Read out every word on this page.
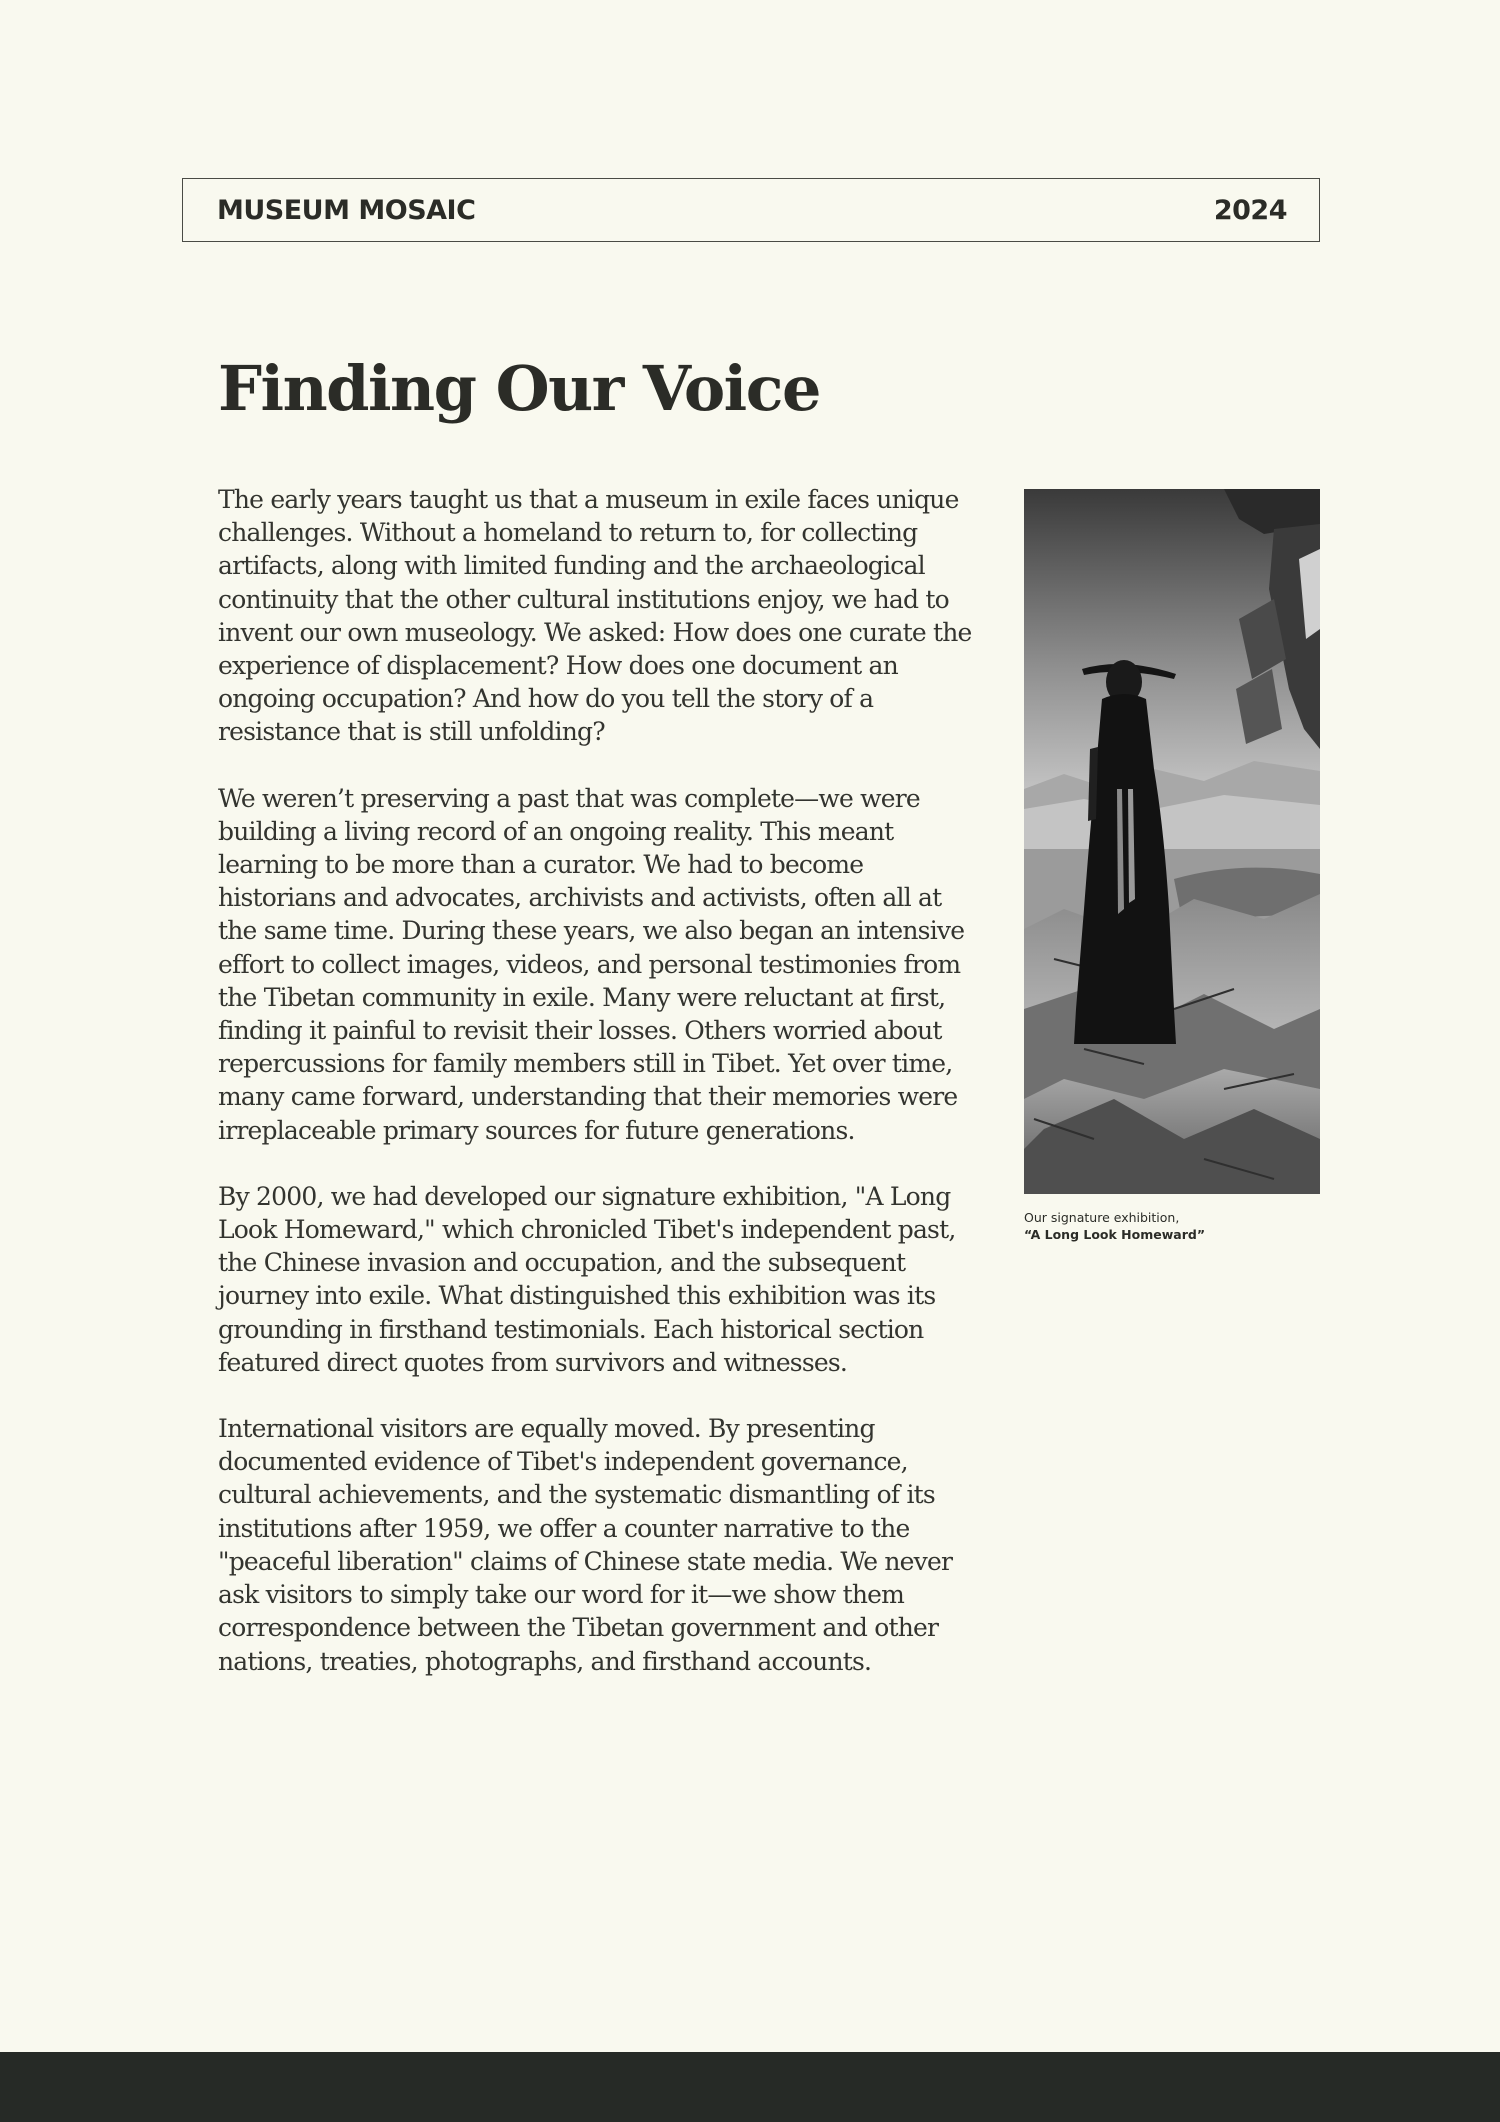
MUSEUM MOSAIC	2024
Finding Our Voice

The early years taught us that a museum in exile faces unique challenges. Without a homeland to return to, for collecting artifacts, along with limited funding and the archaeological continuity that the other cultural institutions enjoy, we had to invent our own museology. We asked: How does one curate the experience of displacement? How does one document an ongoing occupation? And how do you tell the story of a resistance that is still unfolding?

We weren’t preserving a past that was complete—we were building a living record of an ongoing reality. This meant learning to be more than a curator. We had to become historians and advocates, archivists and activists, often all at the same time. During these years, we also began an intensive effort to collect images, videos, and personal testimonies from the Tibetan community in exile. Many were reluctant at first, finding it painful to revisit their losses. Others worried about repercussions for family members still in Tibet. Yet over time, many came forward, understanding that their memories were irreplaceable primary sources for future generations.

By 2000, we had developed our signature exhibition, "A Long Look Homeward," which chronicled Tibet's independent past, the Chinese invasion and occupation, and the subsequent journey into exile. What distinguished this exhibition was its grounding in firsthand testimonials. Each historical section featured direct quotes from survivors and witnesses.

International visitors are equally moved. By presenting documented evidence of Tibet's independent governance, cultural achievements, and the systematic dismantling of its institutions after 1959, we offer a counter narrative to the "peaceful liberation" claims of Chinese state media. We never ask visitors to simply take our word for it—we show them correspondence between the Tibetan government and other nations, treaties, photographs, and firsthand accounts.

Our signature exhibition,
“A Long Look Homeward”
